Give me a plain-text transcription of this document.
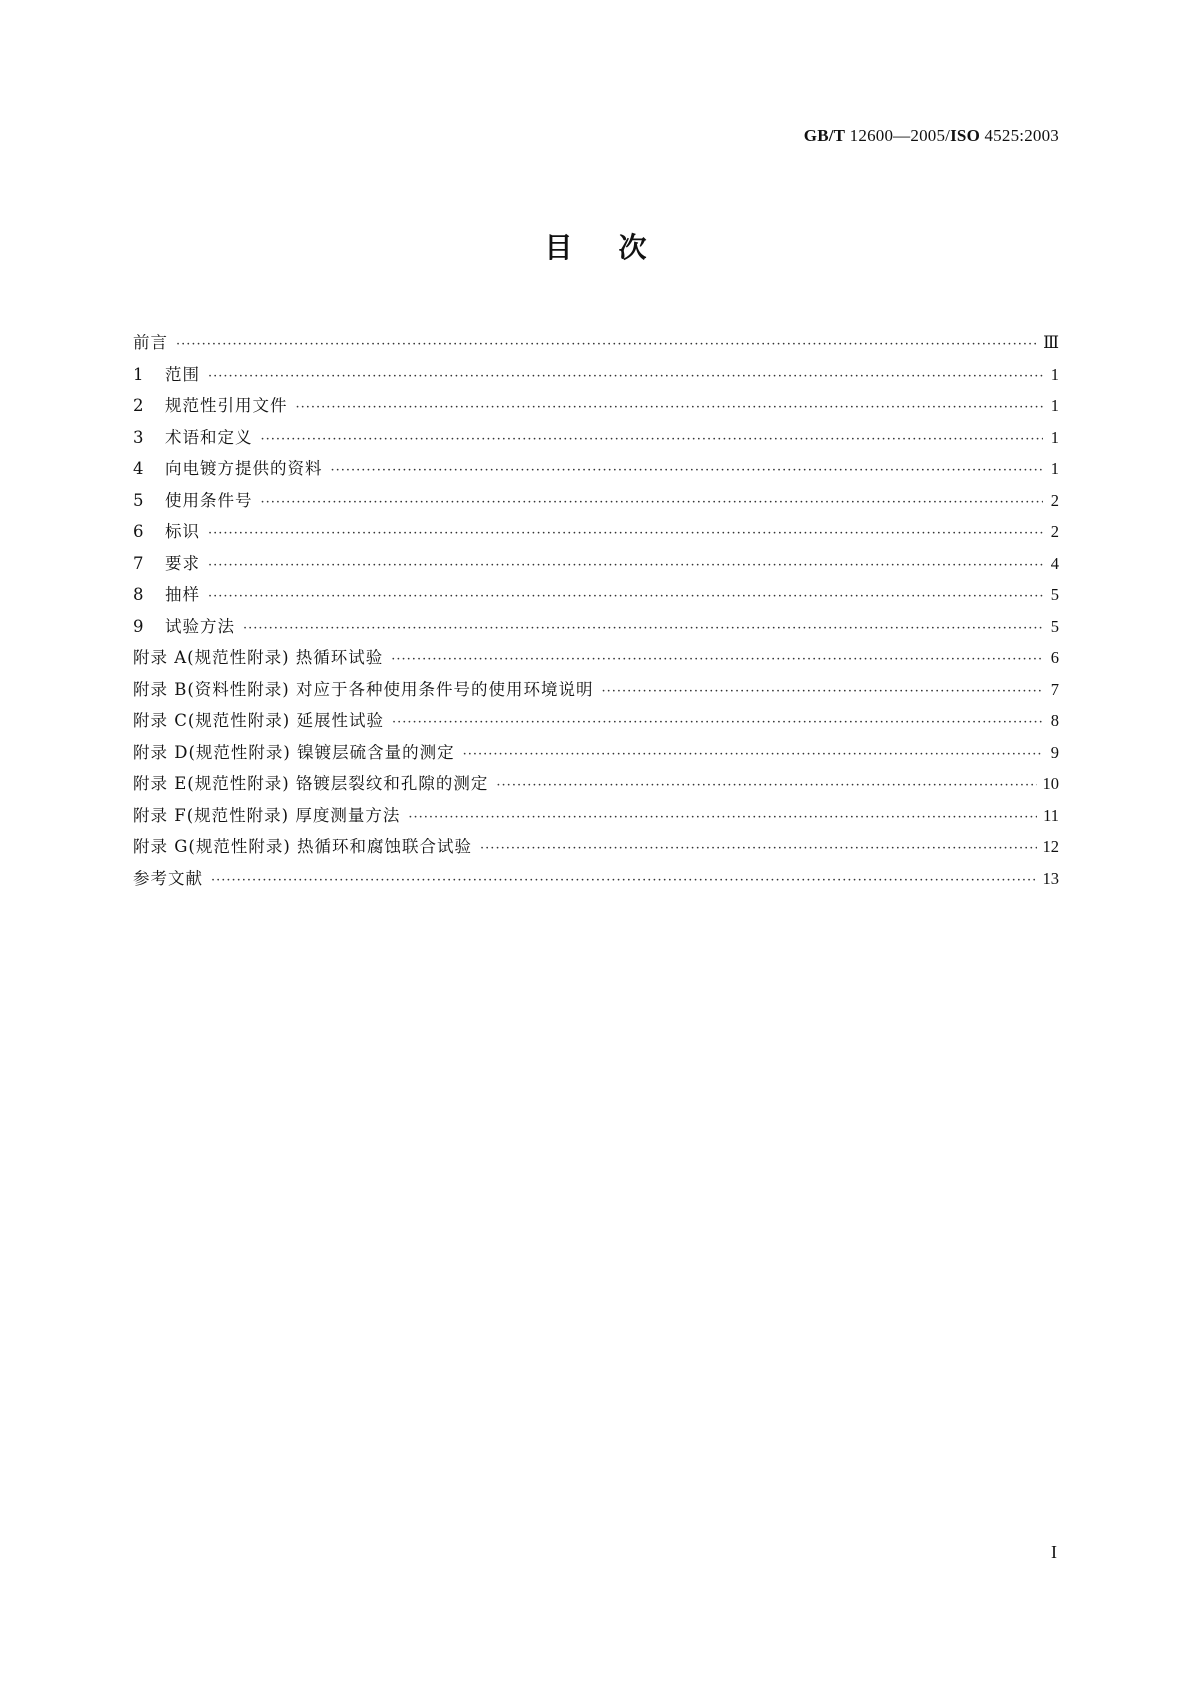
GB/T 12600—2005/ISO 4525:2003
目次
前言 ·····	Ⅲ
1	范围 ·····	1
2	规范性引用文件 ·····	1
3	术语和定义 ·····	1
4	向电镀方提供的资料 ·····	1
5	使用条件号 ·····	2
6	标识 ·····	2
7	要求 ·····	4
8	抽样 ·····	5
9	试验方法 ·····	5
附录 A(规范性附录) 热循环试验 ·····	6
附录 B(资料性附录) 对应于各种使用条件号的使用环境说明 ·····	7
附录 C(规范性附录) 延展性试验 ·····	8
附录 D(规范性附录) 镍镀层硫含量的测定 ·····	9
附录 E(规范性附录) 铬镀层裂纹和孔隙的测定 ·····	10
附录 F(规范性附录) 厚度测量方法 ·····	11
附录 G(规范性附录) 热循环和腐蚀联合试验 ·····	12
参考文献 ·····	13
I
